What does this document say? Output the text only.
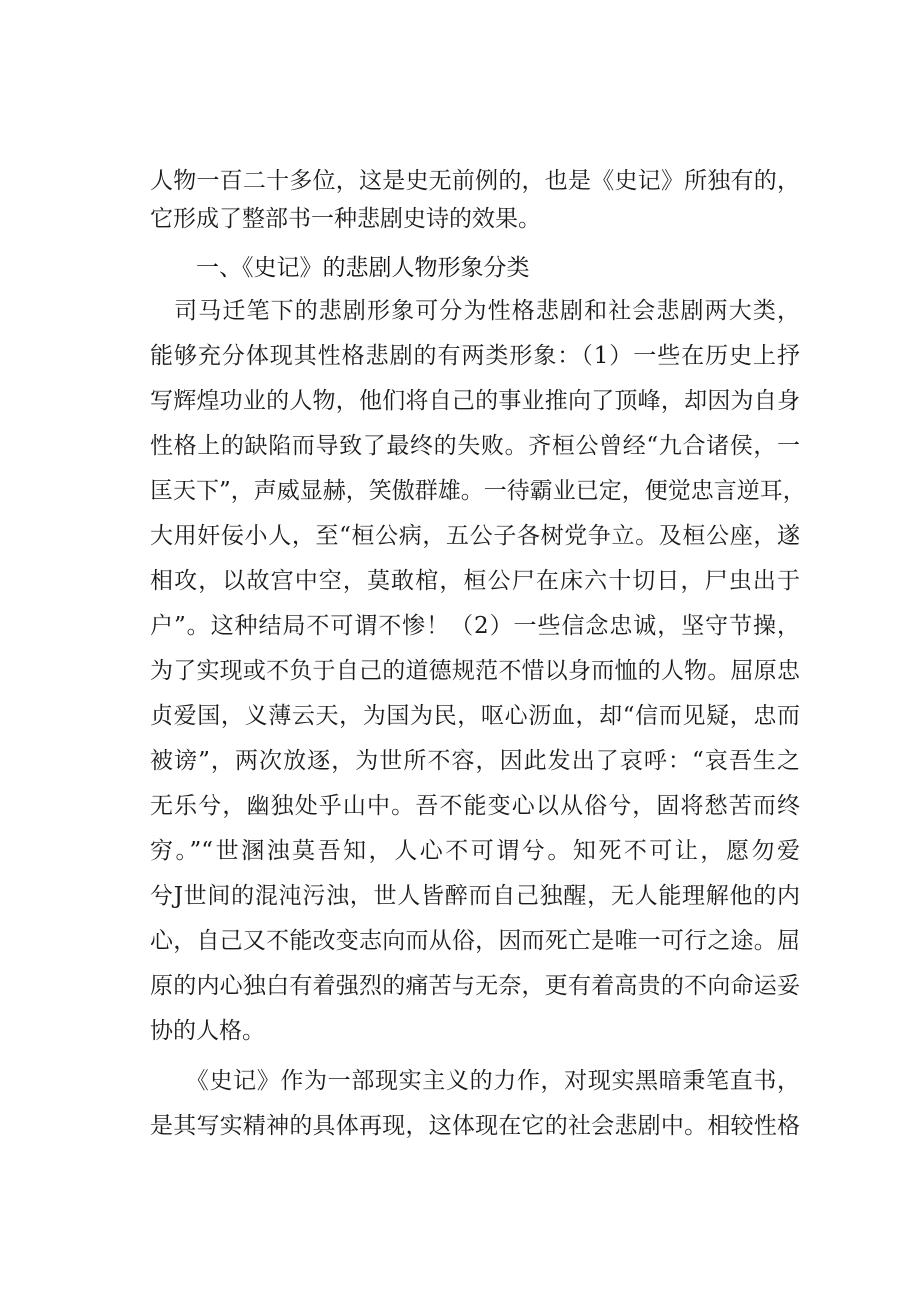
人物一百二十多位，这是史无前例的，也是《史记》所独有的，
它形成了整部书一种悲剧史诗的效果。
一、《史记》的悲剧人物形象分类
　司马迁笔下的悲剧形象可分为性格悲剧和社会悲剧两大类，
能够充分体现其性格悲剧的有两类形象：（1）一些在历史上抒
写辉煌功业的人物，他们将自己的事业推向了顶峰，却因为自身
性格上的缺陷而导致了最终的失败。齐桓公曾经“九合诸侯，一
匡天下”，声威显赫，笑傲群雄。一待霸业已定，便觉忠言逆耳，
大用奸佞小人，至“桓公病，五公子各树党争立。及桓公座，遂
相攻，以故宫中空，莫敢棺，桓公尸在床六十切日，尸虫出于
户”。这种结局不可谓不惨！（2）一些信念忠诚，坚守节操，
为了实现或不负于自己的道德规范不惜以身而恤的人物。屈原忠
贞爱国，义薄云天，为国为民，呕心沥血，却“信而见疑，忠而
被谤”，两次放逐，为世所不容，因此发出了哀呼：“哀吾生之
无乐兮，幽独处乎山中。吾不能变心以从俗兮，固将愁苦而终
穷。”“世溷浊莫吾知，人心不可谓兮。知死不可让，愿勿爱
兮J世间的混沌污浊，世人皆醉而自己独醒，无人能理解他的内
心，自己又不能改变志向而从俗，因而死亡是唯一可行之途。屈
原的内心独白有着强烈的痛苦与无奈，更有着高贵的不向命运妥
协的人格。
　　《史记》作为一部现实主义的力作，对现实黑暗秉笔直书，
是其写实精神的具体再现，这体现在它的社会悲剧中。相较性格
